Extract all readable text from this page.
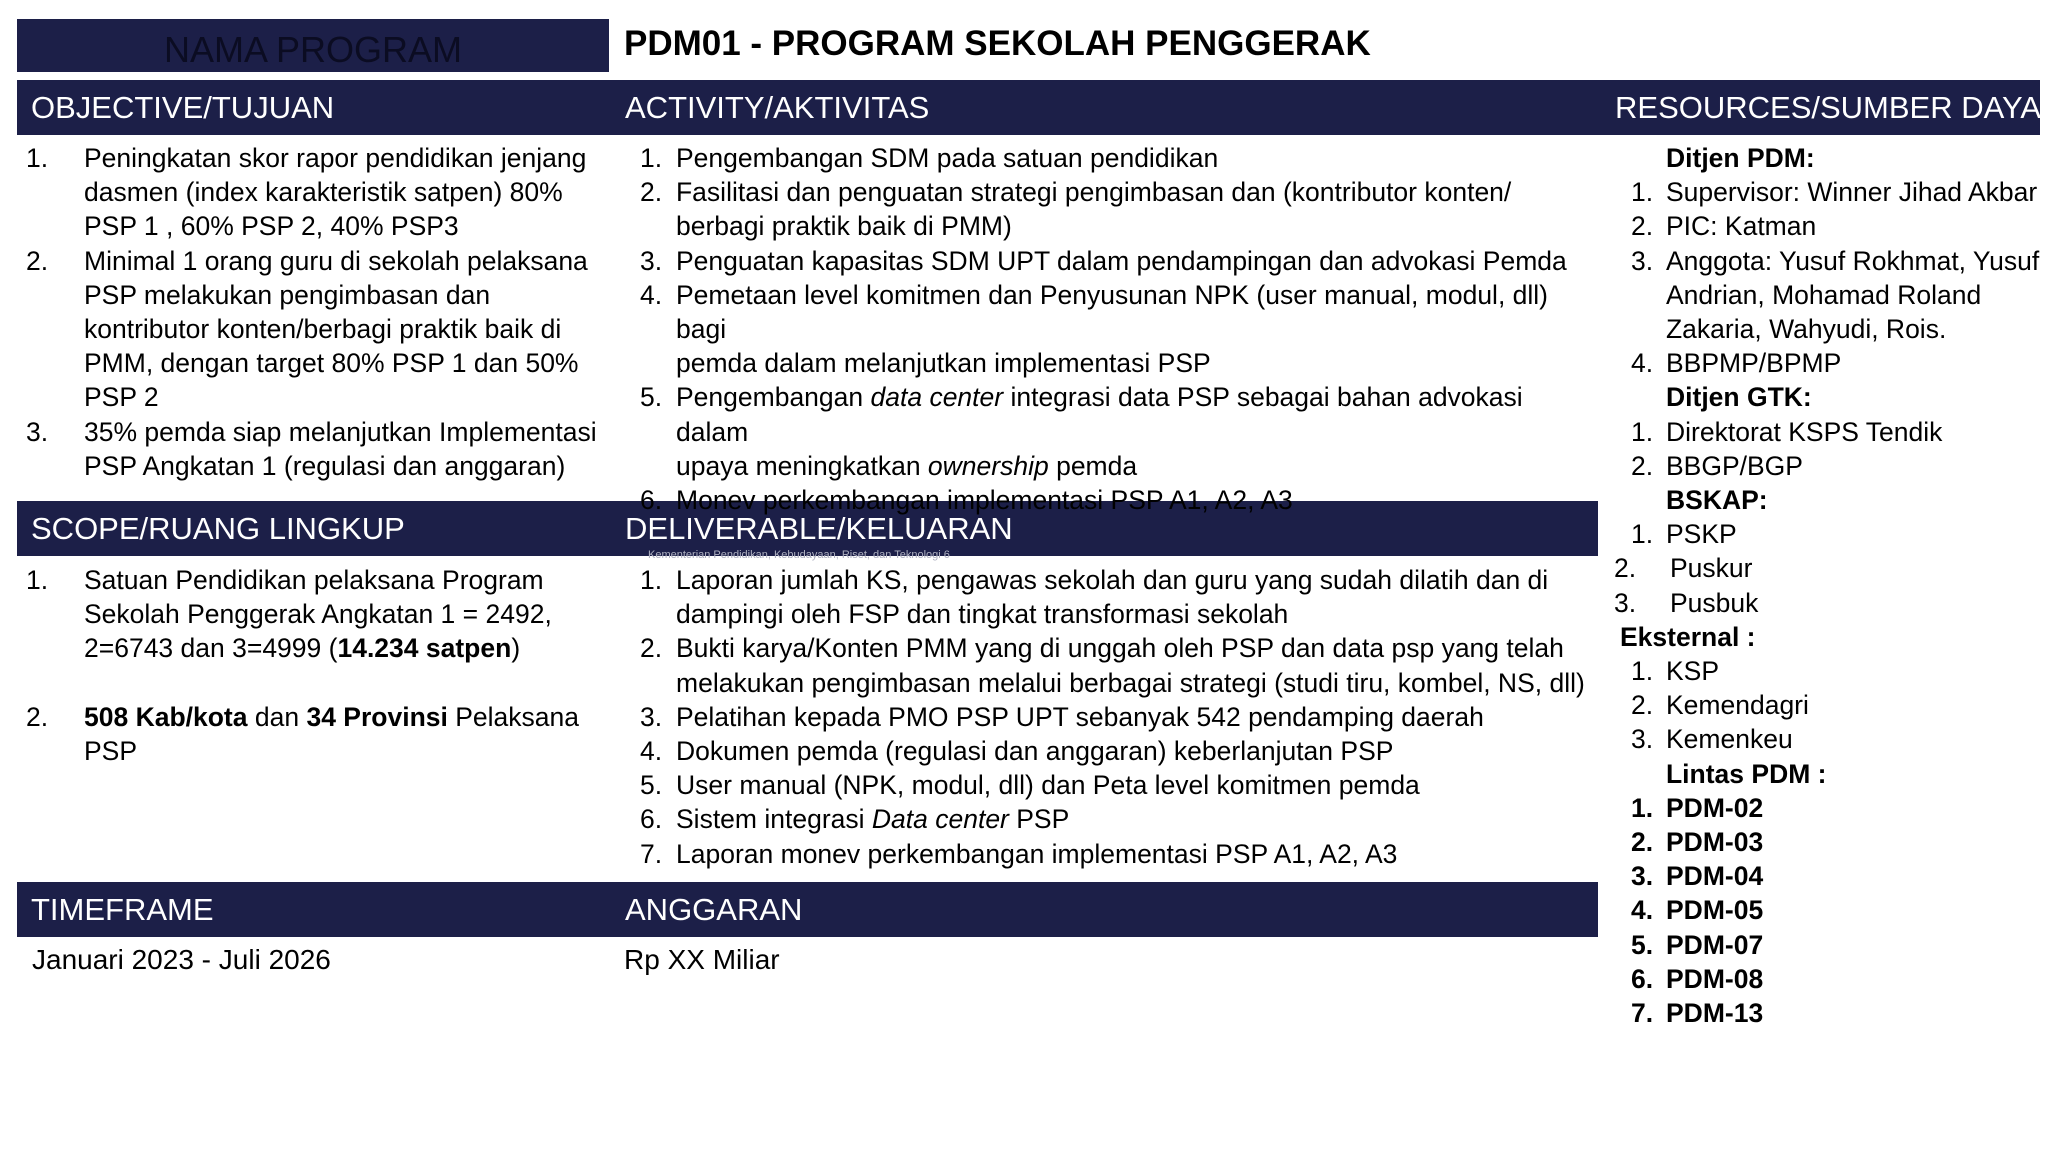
NAMA PROGRAM	PDM01 - PROGRAM SEKOLAH PENGGERAK
OBJECTIVE/TUJUAN	ACTIVITY/AKTIVITAS	RESOURCES/SUMBER DAYA
SCOPE/RUANG LINGKUP	DELIVERABLE/KELUARAN
Kementerian Pendidikan, Kebudayaan, Riset, dan Teknologi 6
TIMEFRAME	ANGGARAN
1. Peningkatan skor rapor pendidikan jenjang
dasmen (index karakteristik satpen) 80%
PSP 1 , 60% PSP 2, 40% PSP3
2. Minimal 1 orang guru di sekolah pelaksana
PSP melakukan pengimbasan dan
kontributor konten/berbagi praktik baik di
PMM, dengan target 80% PSP 1 dan 50%
PSP 2
3. 35% pemda siap melanjutkan Implementasi
PSP Angkatan 1 (regulasi dan anggaran)
1. Pengembangan SDM pada satuan pendidikan
2. Fasilitasi dan penguatan strategi pengimbasan dan (kontributor konten/
berbagi praktik baik di PMM)
3. Penguatan kapasitas SDM UPT dalam pendampingan dan advokasi Pemda
4. Pemetaan level komitmen dan Penyusunan NPK (user manual, modul, dll) bagi
pemda dalam melanjutkan implementasi PSP
5. Pengembangan data center integrasi data PSP sebagai bahan advokasi dalam
upaya meningkatkan ownership pemda
6. Monev perkembangan implementasi PSP A1, A2, A3
1. Satuan Pendidikan pelaksana Program
Sekolah Penggerak Angkatan 1 = 2492,
2=6743 dan 3=4999 (14.234 satpen)
2. 508 Kab/kota dan 34 Provinsi Pelaksana
PSP
1. Laporan jumlah KS, pengawas sekolah dan guru yang sudah dilatih dan di
dampingi oleh FSP dan tingkat transformasi sekolah
2. Bukti karya/Konten PMM yang di unggah oleh PSP dan data psp yang telah
melakukan pengimbasan melalui berbagai strategi (studi tiru, kombel, NS, dll)
3. Pelatihan kepada PMO PSP UPT sebanyak 542 pendamping daerah
4. Dokumen pemda (regulasi dan anggaran) keberlanjutan PSP
5. User manual (NPK, modul, dll) dan Peta level komitmen pemda
6. Sistem integrasi Data center PSP
7. Laporan monev perkembangan implementasi PSP A1, A2, A3
Ditjen PDM:
1. Supervisor: Winner Jihad Akbar
2. PIC: Katman
3. Anggota: Yusuf Rokhmat, Yusuf
Andrian, Mohamad Roland
Zakaria, Wahyudi, Rois.
4. BBPMP/BPMP
Ditjen GTK:
1. Direktorat KSPS Tendik
2. BBGP/BGP
BSKAP:
1. PSKP
2. Puskur
3. Pusbuk
Eksternal :
1. KSP
2. Kemendagri
3. Kemenkeu
Lintas PDM :
1. PDM-02
2. PDM-03
3. PDM-04
4. PDM-05
5. PDM-07
6. PDM-08
7. PDM-13
Januari 2023 - Juli 2026	Rp XX Miliar
